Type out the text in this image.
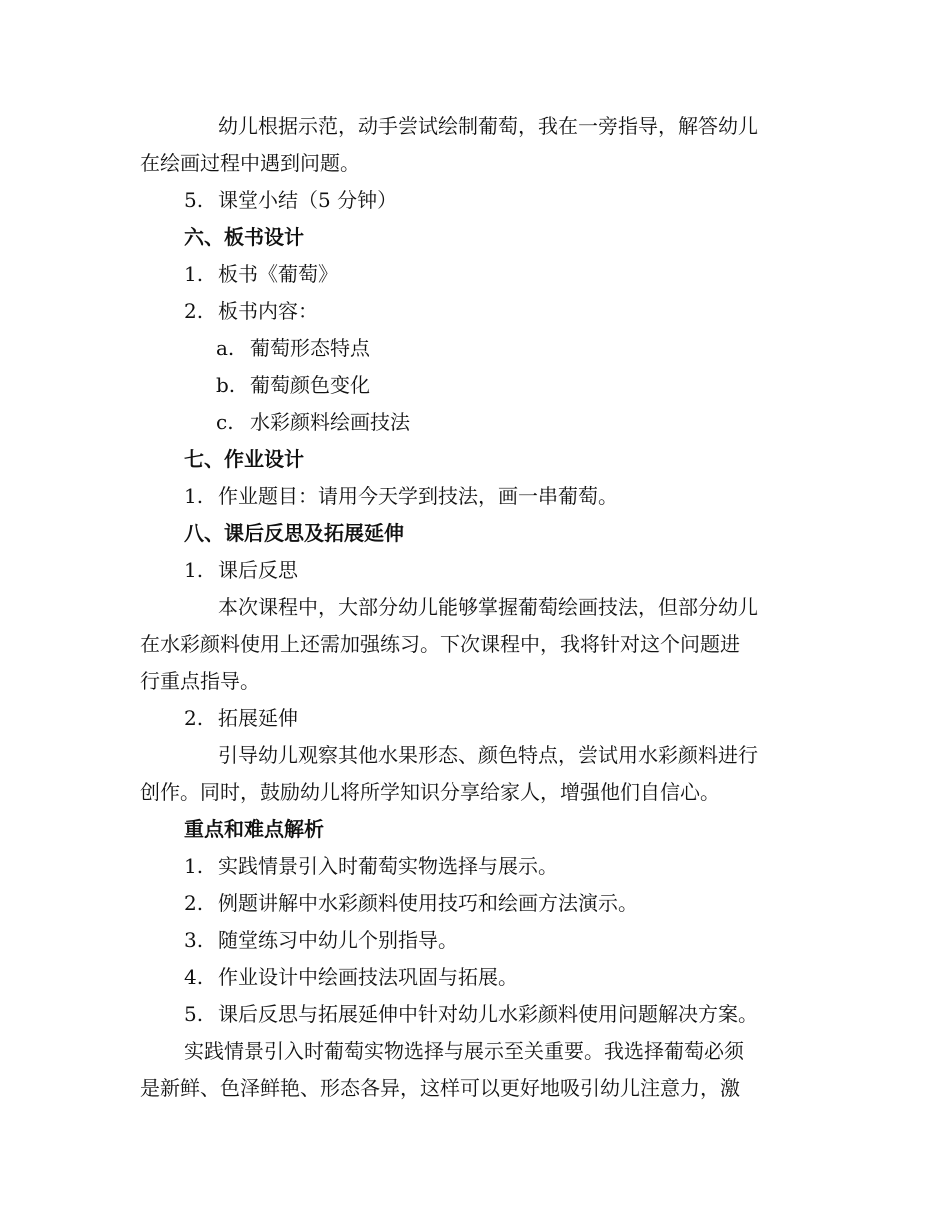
幼儿根据示范，动手尝试绘制葡萄，我在一旁指导，解答幼儿
在绘画过程中遇到问题。
5. 课堂小结（5 分钟）
六、板书设计
1. 板书《葡萄》
2. 板书内容：
a. 葡萄形态特点
b. 葡萄颜色变化
c. 水彩颜料绘画技法
七、作业设计
1. 作业题目：请用今天学到技法，画一串葡萄。
八、课后反思及拓展延伸
1. 课后反思
本次课程中，大部分幼儿能够掌握葡萄绘画技法，但部分幼儿
在水彩颜料使用上还需加强练习。下次课程中，我将针对这个问题进
行重点指导。
2. 拓展延伸
引导幼儿观察其他水果形态、颜色特点，尝试用水彩颜料进行
创作。同时，鼓励幼儿将所学知识分享给家人，增强他们自信心。
重点和难点解析
1. 实践情景引入时葡萄实物选择与展示。
2. 例题讲解中水彩颜料使用技巧和绘画方法演示。
3. 随堂练习中幼儿个别指导。
4. 作业设计中绘画技法巩固与拓展。
5. 课后反思与拓展延伸中针对幼儿水彩颜料使用问题解决方案。
实践情景引入时葡萄实物选择与展示至关重要。我选择葡萄必须
是新鲜、色泽鲜艳、形态各异，这样可以更好地吸引幼儿注意力，激
